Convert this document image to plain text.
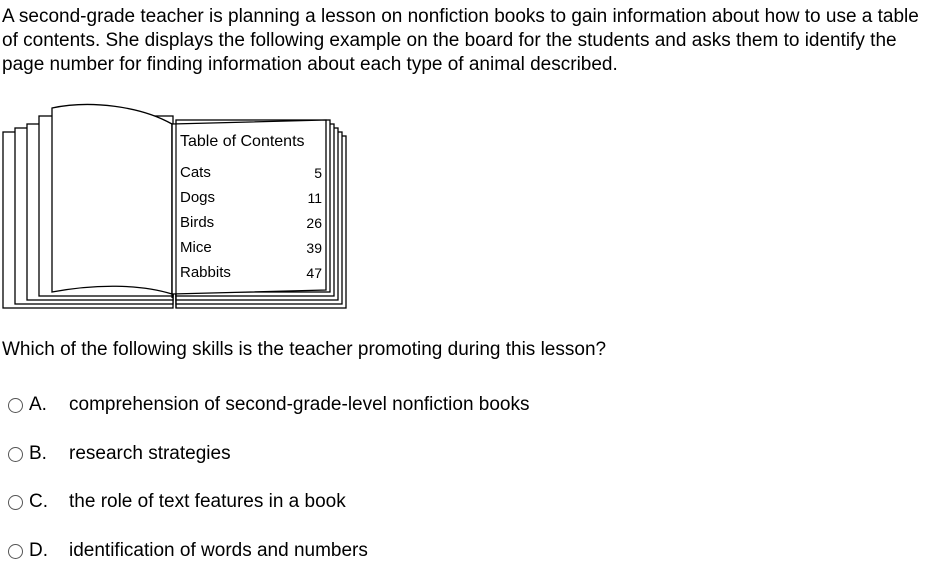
A second-grade teacher is planning a lesson on nonfiction books to gain information about how to use a table of contents. She displays the following example on the board for the students and asks them to identify the page number for finding information about each type of animal described.

Table of Contents
Cats	5
Dogs	11
Birds	26
Mice	39
Rabbits	47

Which of the following skills is the teacher promoting during this lesson?

A.	comprehension of second-grade-level nonfiction books
B.	research strategies
C.	the role of text features in a book
D.	identification of words and numbers
